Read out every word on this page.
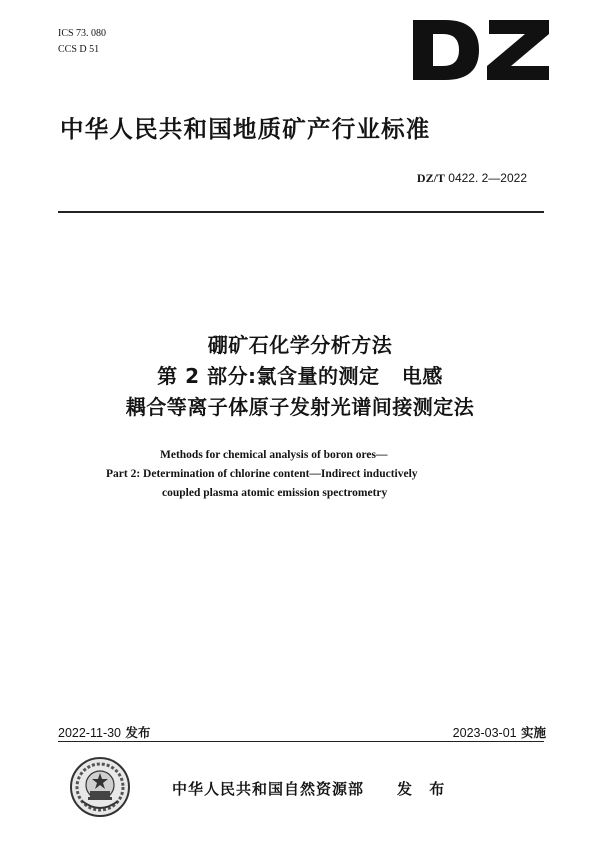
ICS 73. 080
CCS D 51
中华人民共和国地质矿产行业标准
DZ/T 0422. 2—2022
硼矿石化学分析方法
第 2 部分:氯含量的测定   电感
耦合等离子体原子发射光谱间接测定法
Methods for chemical analysis of boron ores—
Part 2: Determination of chlorine content—Indirect inductively
coupled plasma atomic emission spectrometry
2022-11-30 发布	2023-03-01 实施
中华人民共和国自然资源部 发 布
